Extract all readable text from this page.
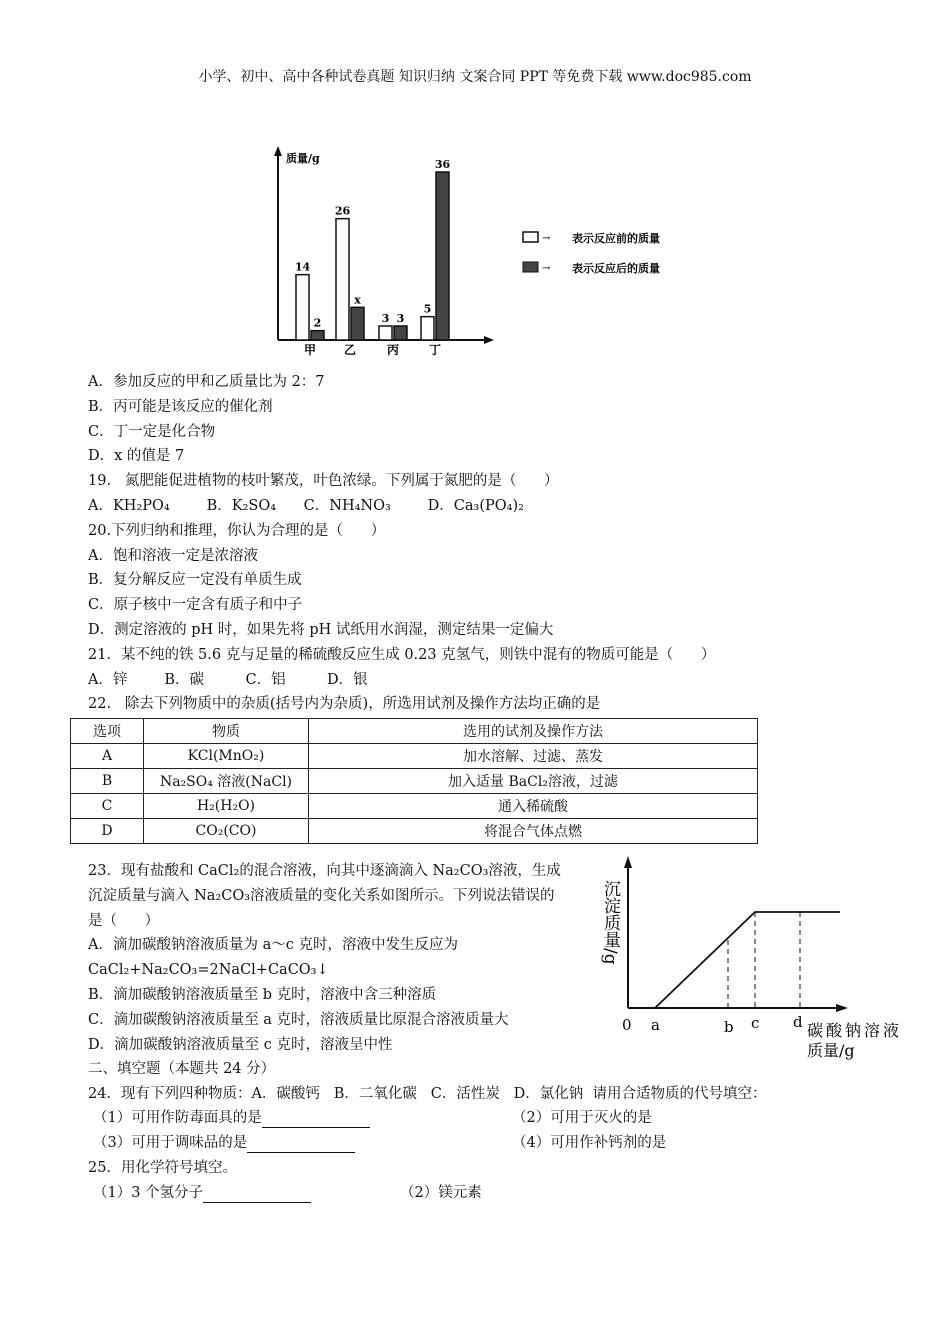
小学、初中、高中各种试卷真题 知识归纳 文案合同 PPT 等免费下载 www.doc985.com
质量/g
14
2
甲
26
x
乙
3 3
丙
5
36
丁
→ 表示反应前的质量
→ 表示反应后的质量
A．参加反应的甲和乙质量比为 2：7
B．丙可能是该反应的催化剂
C．丁一定是化合物
D．x 的值是 7
19.   氮肥能促进植物的枝叶繁茂，叶色浓绿。下列属于氮肥的是（      ）
A．KH₂PO₄        B．K₂SO₄      C．NH₄NO₃        D．Ca₃(PO₄)₂
20.下列归纳和推理，你认为合理的是（      ）
A．饱和溶液一定是浓溶液
B．复分解反应一定没有单质生成
C．原子核中一定含有质子和中子
D．测定溶液的 pH 时，如果先将 pH 试纸用水润湿，测定结果一定偏大
21．某不纯的铁 5.6 克与足量的稀硫酸反应生成 0.23 克氢气，则铁中混有的物质可能是（      ）
A．锌        B．碳         C．铝         D．银
22.   除去下列物质中的杂质(括号内为杂质)，所选用试剂及操作方法均正确的是
23．现有盐酸和 CaCl₂的混合溶液，向其中逐滴滴入 Na₂CO₃溶液，生成
沉淀质量与滴入 Na₂CO₃溶液质量的变化关系如图所示。下列说法错误的
是（      ）
A．滴加碳酸钠溶液质量为 a～c 克时，溶液中发生反应为
CaCl₂+Na₂CO₃=2NaCl+CaCO₃↓
B．滴加碳酸钠溶液质量至 b 克时，溶液中含三种溶质
C．滴加碳酸钠溶液质量至 a 克时，溶液质量比原混合溶液质量大
D．滴加碳酸钠溶液质量至 c 克时，溶液呈中性
二、填空题（本题共 24 分）
24．现有下列四种物质：A．碳酸钙   B．二氧化碳   C．活性炭   D．氯化钠  请用合适物质的代号填空：
（1）可用作防毒面具的是	（2）可用于灭火的是
（3）可用于调味品的是	（4）可用作补钙剂的是
25．用化学符号填空。
（1）3 个氢分子	（2）镁元素
选项	物质	选用的试剂及操作方法
A	KCl(MnO₂)	加水溶解、过滤、蒸发
B	Na₂SO₄ 溶液(NaCl)	加入适量 BaCl₂溶液，过滤
C	H₂(H₂O)	通入稀硫酸
D	CO₂(CO)	将混合气体点燃
0 a	b c d
沉淀质量/g
碳酸钠溶液
质量/g
